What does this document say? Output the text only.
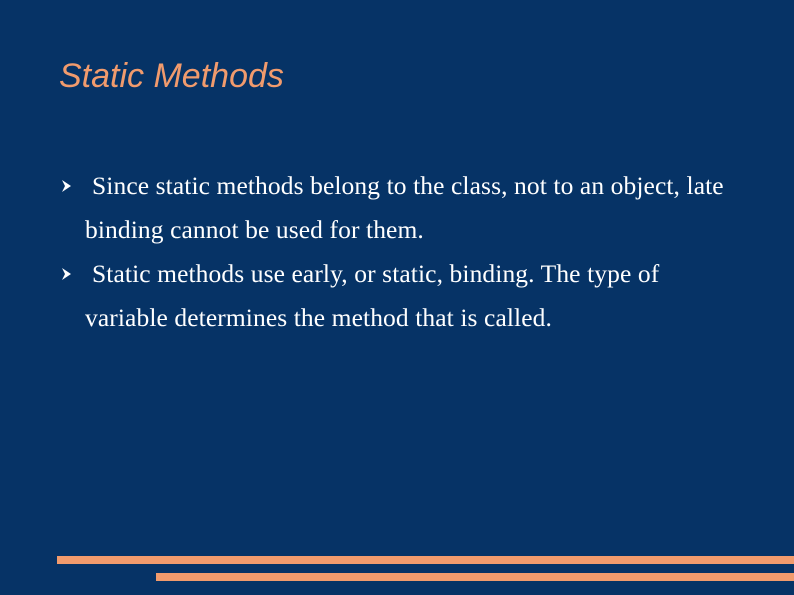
Static Methods
Since static methods belong to the class, not to an object, late binding cannot be used for them.
Static methods use early, or static, binding. The type of variable determines the method that is called.
